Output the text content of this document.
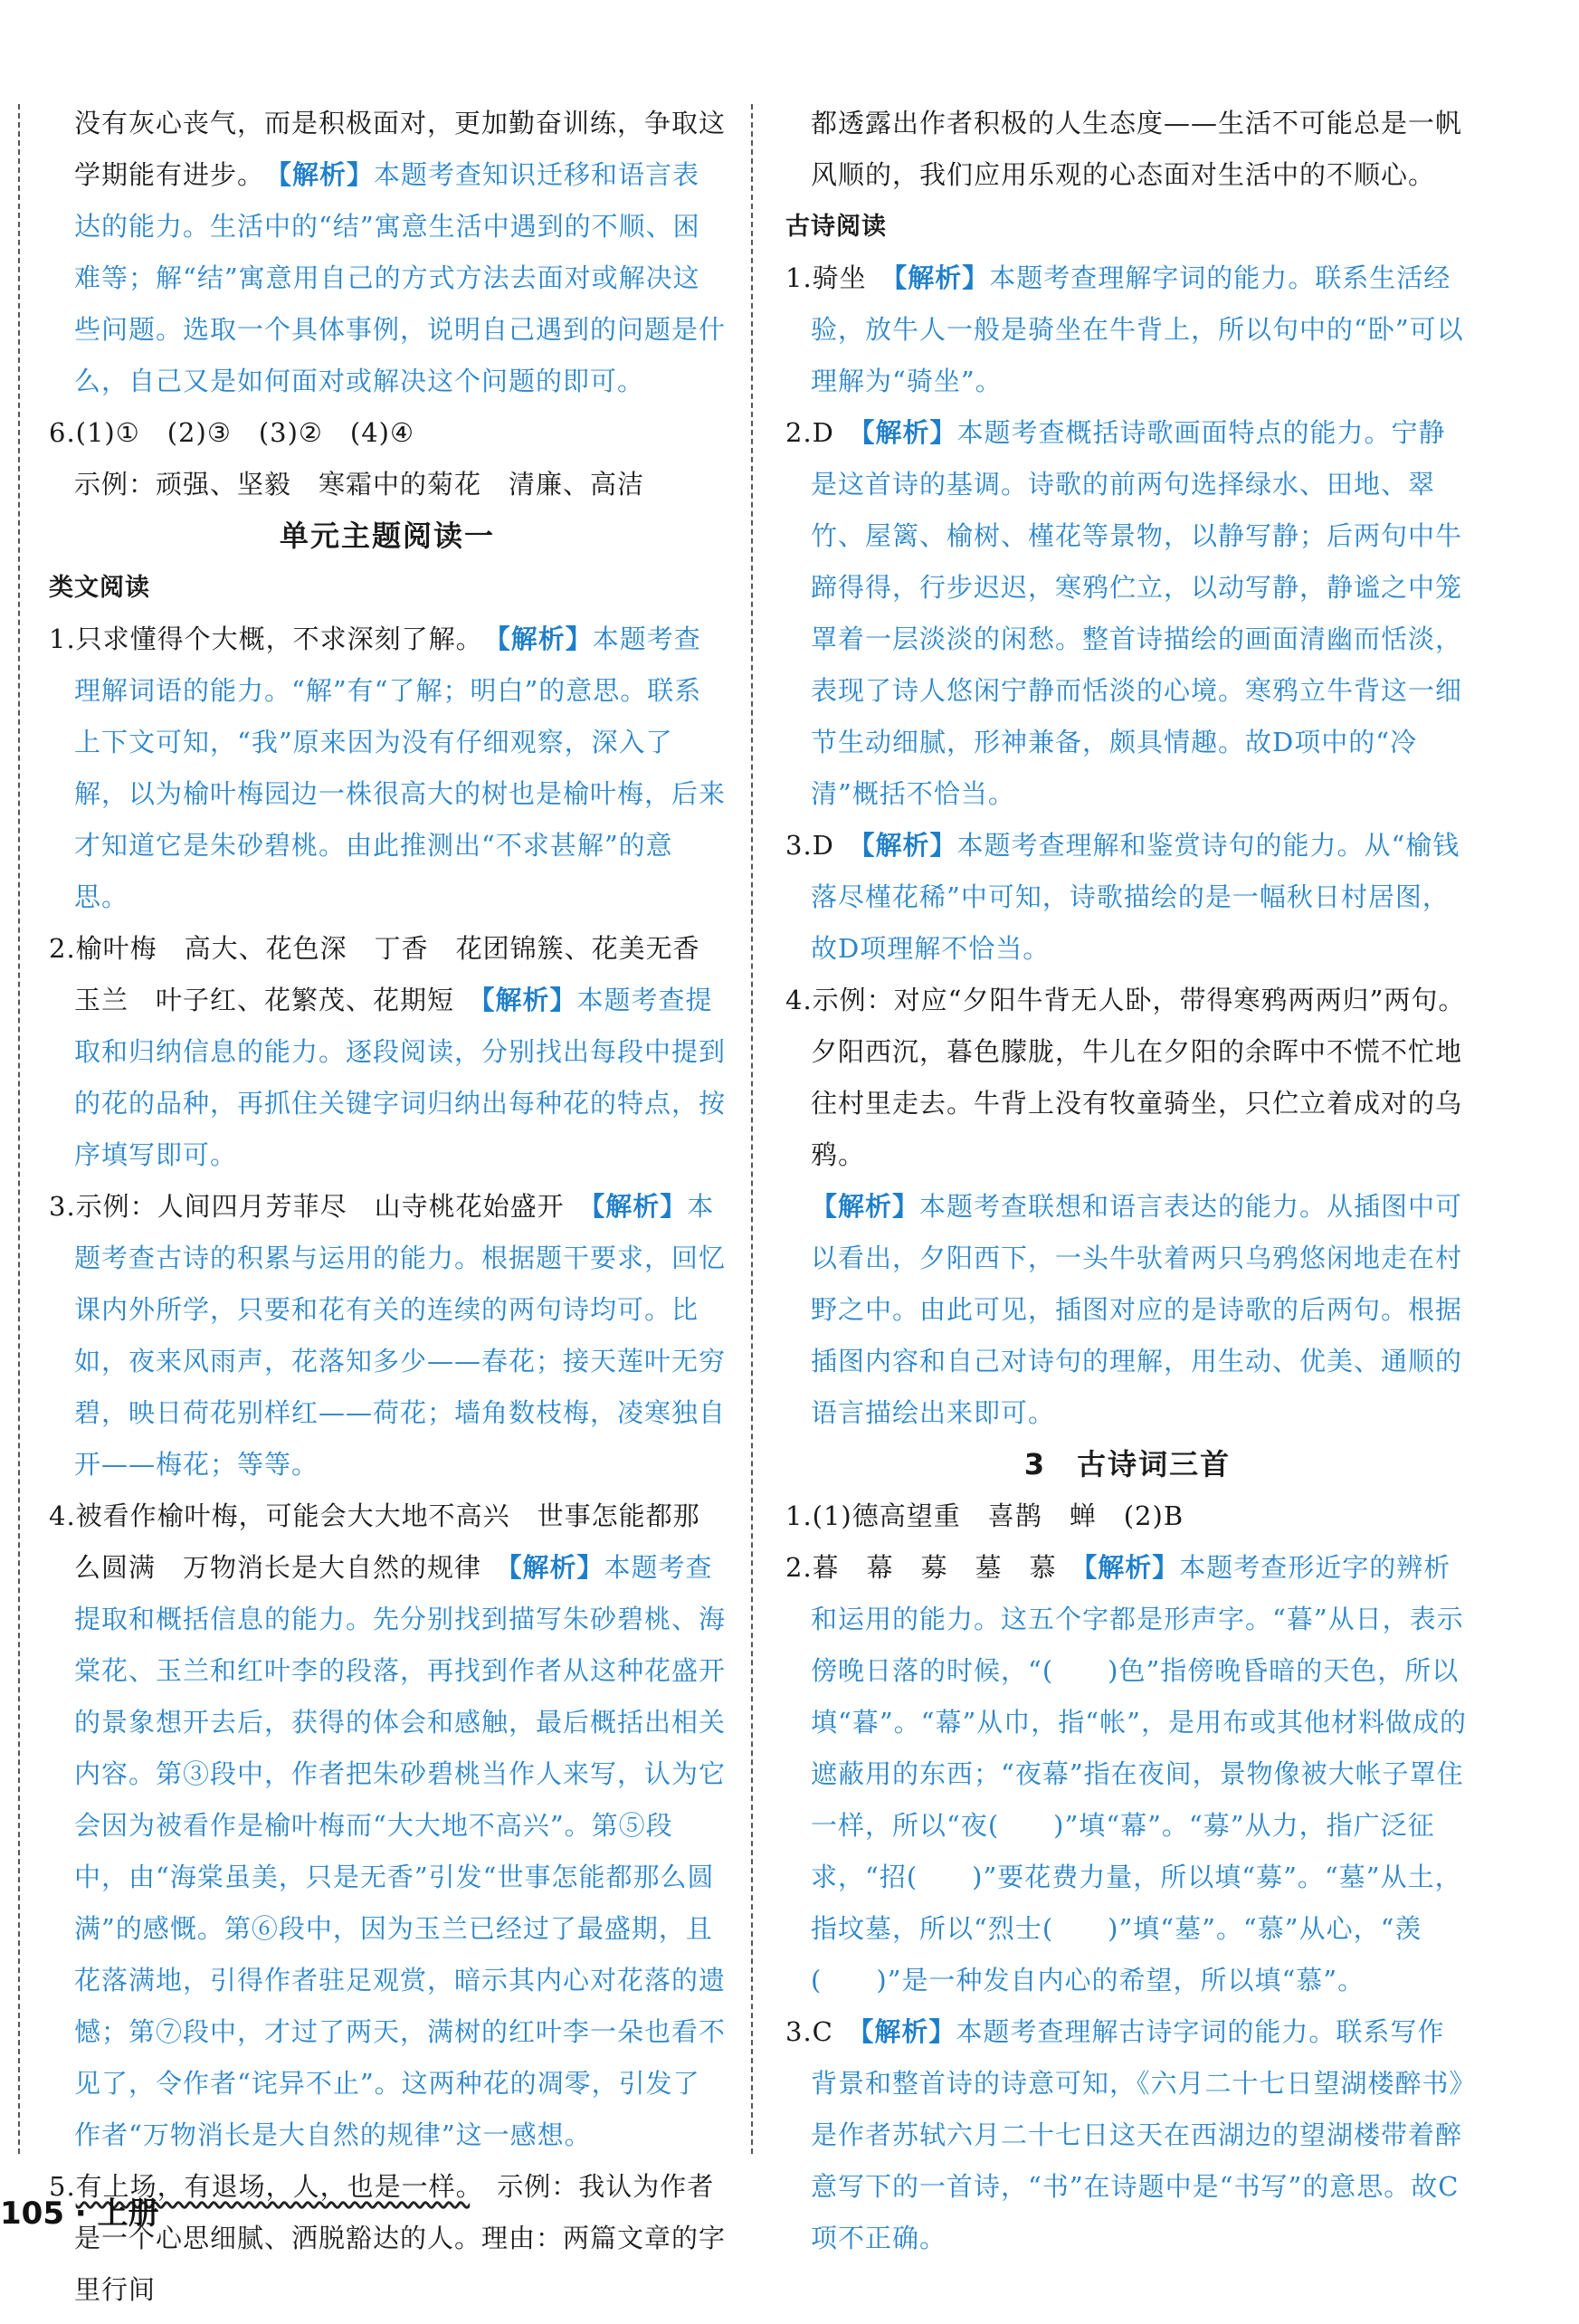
没有灰心丧气，而是积极面对，更加勤奋训练，争取这学期能有进步。　 【解析】本题考查知识迁移和语言表达的能力。生活中的“结”寓意生活中遇到的不顺、困难等；解“结”寓意用自己的方式方法去面对或解决这些问题。选取一个具体事例，说明自己遇到的问题是什么，自己又是如何面对或解决这个问题的即可。

6.(1)①　(2)③　(3)②　(4)④

示例：顽强、坚毅　寒霜中的菊花　清廉、高洁

单元主题阅读一

类文阅读

1.只求懂得个大概，不求深刻了解。　 【解析】本题考查理解词语的能力。“解”有“了解；明白”的意思。联系上下文可知，“我”原来因为没有仔细观察，深入了解，以为榆叶梅园边一株很高大的树也是榆叶梅，后来才知道它是朱砂碧桃。由此推测出“不求甚解”的意思。

2.榆叶梅　高大、花色深　丁香　花团锦簇、花美无香　玉兰　叶子红、花繁茂、花期短　 【解析】本题考查提取和归纳信息的能力。逐段阅读，分别找出每段中提到的花的品种，再抓住关键字词归纳出每种花的特点，按序填写即可。

3.示例：人间四月芳菲尽　山寺桃花始盛开　 【解析】本题考查古诗的积累与运用的能力。根据题干要求，回忆课内外所学，只要和花有关的连续的两句诗均可。比如，夜来风雨声，花落知多少——春花；接天莲叶无穷碧，映日荷花别样红——荷花；墙角数枝梅，凌寒独自开——梅花；等等。

4.被看作榆叶梅，可能会大大地不高兴　世事怎能都那么圆满　万物消长是大自然的规律　 【解析】本题考查提取和概括信息的能力。先分别找到描写朱砂碧桃、海棠花、玉兰和红叶李的段落，再找到作者从这种花盛开的景象想开去后，获得的体会和感触，最后概括出相关内容。第③段中，作者把朱砂碧桃当作人来写，认为它会因为被看作是榆叶梅而“大大地不高兴”。第⑤段中，由“海棠虽美，只是无香”引发“世事怎能都那么圆满”的感慨。第⑥段中，因为玉兰已经过了最盛期，且花落满地，引得作者驻足观赏，暗示其内心对花落的遗憾；第⑦段中，才过了两天，满树的红叶李一朵也看不见了，令作者“诧异不止”。这两种花的凋零，引发了作者“万物消长是大自然的规律”这一感想。

5.有上场，有退场，人，也是一样。　示例：我认为作者是一个心思细腻、洒脱豁达的人。理由：两篇文章的字里行间

都透露出作者积极的人生态度——生活不可能总是一帆风顺的，我们应用乐观的心态面对生活中的不顺心。

古诗阅读

1.骑坐　 【解析】本题考查理解字词的能力。联系生活经验，放牛人一般是骑坐在牛背上，所以句中的“卧”可以理解为“骑坐”。

2.D　 【解析】本题考查概括诗歌画面特点的能力。宁静是这首诗的基调。诗歌的前两句选择绿水、田地、翠竹、屋篱、榆树、槿花等景物，以静写静；后两句中牛蹄得得，行步迟迟，寒鸦伫立，以动写静，静谧之中笼罩着一层淡淡的闲愁。整首诗描绘的画面清幽而恬淡，表现了诗人悠闲宁静而恬淡的心境。寒鸦立牛背这一细节生动细腻，形神兼备，颇具情趣。故D项中的“冷清”概括不恰当。

3.D　 【解析】本题考查理解和鉴赏诗句的能力。从“榆钱落尽槿花稀”中可知，诗歌描绘的是一幅秋日村居图，故D项理解不恰当。

4.示例：对应“夕阳牛背无人卧，带得寒鸦两两归”两句。夕阳西沉，暮色朦胧，牛儿在夕阳的余晖中不慌不忙地往村里走去。牛背上没有牧童骑坐，只伫立着成对的乌鸦。

【解析】本题考查联想和语言表达的能力。从插图中可以看出，夕阳西下，一头牛驮着两只乌鸦悠闲地走在村野之中。由此可见，插图对应的是诗歌的后两句。根据插图内容和自己对诗句的理解，用生动、优美、通顺的语言描绘出来即可。

3　古诗词三首

1.(1)德高望重　喜鹊　蝉　(2)B

2.暮　幕　募　墓　慕　 【解析】本题考查形近字的辨析和运用的能力。这五个字都是形声字。“暮”从日，表示傍晚日落的时候，“(　　)色”指傍晚昏暗的天色，所以填“暮”。“幕”从巾，指“帐”，是用布或其他材料做成的遮蔽用的东西；“夜幕”指在夜间，景物像被大帐子罩住一样，所以“夜(　　)”填“幕”。“募”从力，指广泛征求，“招(　　)”要花费力量，所以填“募”。“墓”从土，指坟墓，所以“烈士(　　)”填“墓”。“慕”从心，“羡(　　)”是一种发自内心的希望，所以填“慕”。

3.C　 【解析】本题考查理解古诗字词的能力。联系写作背景和整首诗的诗意可知，《六月二十七日望湖楼醉书》是作者苏轼六月二十七日这天在西湖边的望湖楼带着醉意写下的一首诗，“书”在诗题中是“书写”的意思。故C项不正确。

105 · 上册
